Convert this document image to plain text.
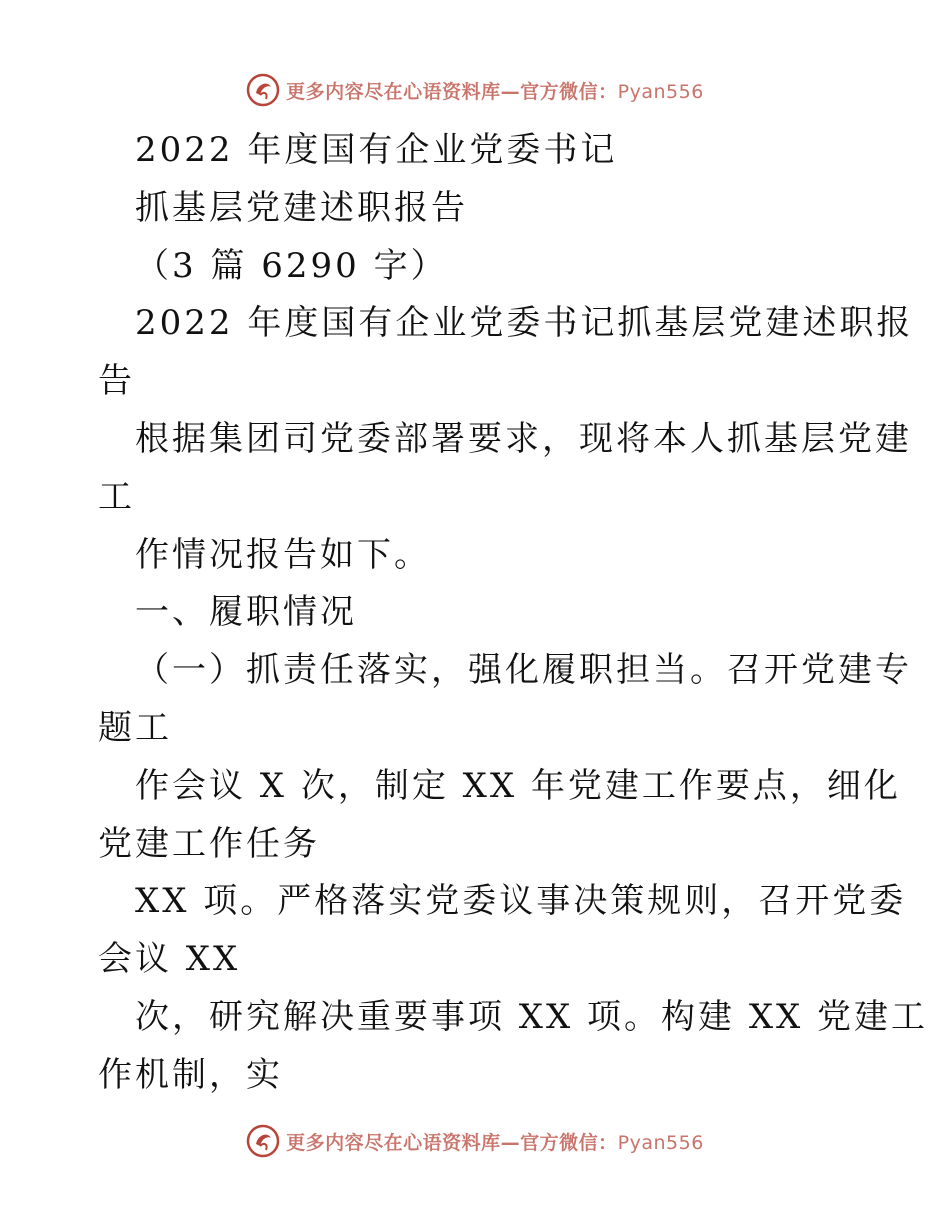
更多内容尽在心语资料库—官方微信：Pyan556
2022 年度国有企业党委书记
抓基层党建述职报告
（3 篇 6290 字）
2022 年度国有企业党委书记抓基层党建述职报
告
根据集团司党委部署要求，现将本人抓基层党建
工
作情况报告如下。
一、履职情况
（一）抓责任落实，强化履职担当。召开党建专
题工
作会议 X 次，制定 XX 年党建工作要点，细化
党建工作任务
XX 项。严格落实党委议事决策规则，召开党委
会议 XX
次，研究解决重要事项 XX 项。构建 XX 党建工
作机制，实
更多内容尽在心语资料库—官方微信：Pyan556
